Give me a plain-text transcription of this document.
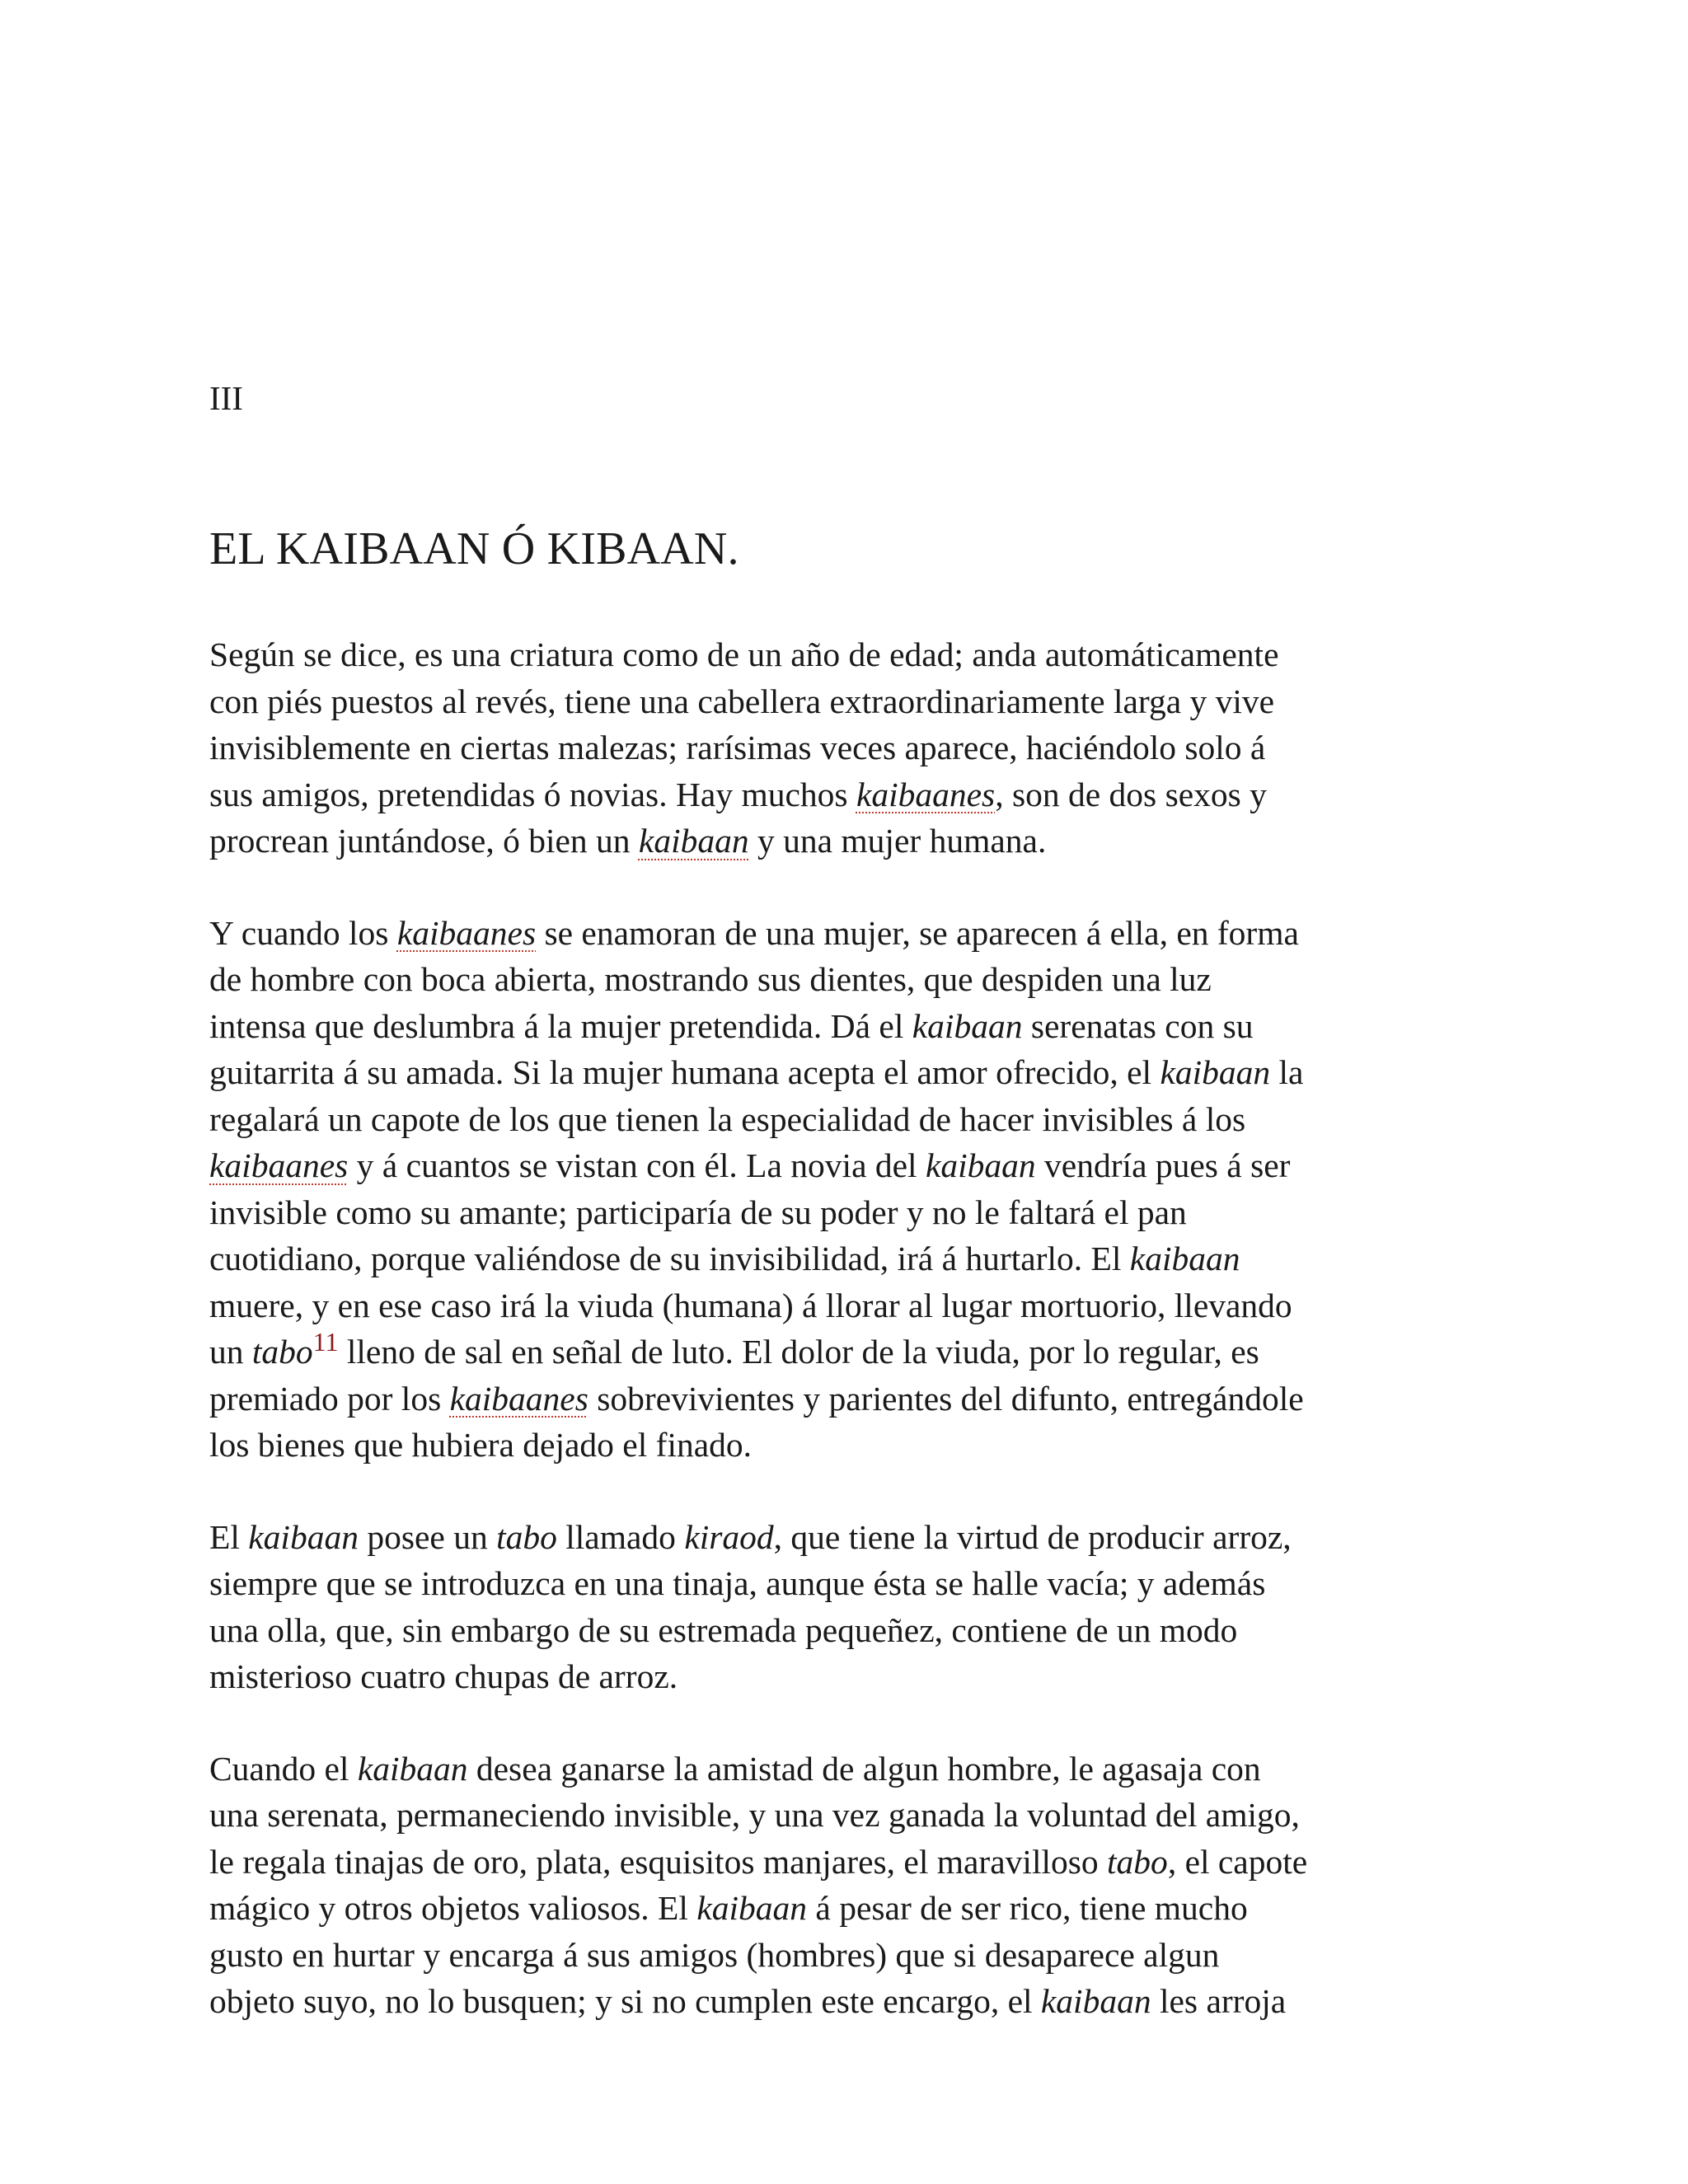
III

EL KAIBAAN Ó KIBAAN.

Según se dice, es una criatura como de un año de edad; anda automáticamente
con piés puestos al revés, tiene una cabellera extraordinariamente larga y vive
invisiblemente en ciertas malezas; rarísimas veces aparece, haciéndolo solo á
sus amigos, pretendidas ó novias. Hay muchos kaibaanes, son de dos sexos y
procrean juntándose, ó bien un kaibaan y una mujer humana.

Y cuando los kaibaanes se enamoran de una mujer, se aparecen á ella, en forma
de hombre con boca abierta, mostrando sus dientes, que despiden una luz
intensa que deslumbra á la mujer pretendida. Dá el kaibaan serenatas con su
guitarrita á su amada. Si la mujer humana acepta el amor ofrecido, el kaibaan la
regalará un capote de los que tienen la especialidad de hacer invisibles á los
kaibaanes y á cuantos se vistan con él. La novia del kaibaan vendría pues á ser
invisible como su amante; participaría de su poder y no le faltará el pan
cuotidiano, porque valiéndose de su invisibilidad, irá á hurtarlo. El kaibaan
muere, y en ese caso irá la viuda (humana) á llorar al lugar mortuorio, llevando
un tabo$^{11}$ lleno de sal en señal de luto. El dolor de la viuda, por lo regular, es
premiado por los kaibaanes sobrevivientes y parientes del difunto, entregándole
los bienes que hubiera dejado el finado.

El kaibaan posee un tabo llamado kiraod, que tiene la virtud de producir arroz,
siempre que se introduzca en una tinaja, aunque ésta se halle vacía; y además
una olla, que, sin embargo de su estremada pequeñez, contiene de un modo
misterioso cuatro chupas de arroz.

Cuando el kaibaan desea ganarse la amistad de algun hombre, le agasaja con
una serenata, permaneciendo invisible, y una vez ganada la voluntad del amigo,
le regala tinajas de oro, plata, esquisitos manjares, el maravilloso tabo, el capote
mágico y otros objetos valiosos. El kaibaan á pesar de ser rico, tiene mucho
gusto en hurtar y encarga á sus amigos (hombres) que si desaparece algun
objeto suyo, no lo busquen; y si no cumplen este encargo, el kaibaan les arroja
